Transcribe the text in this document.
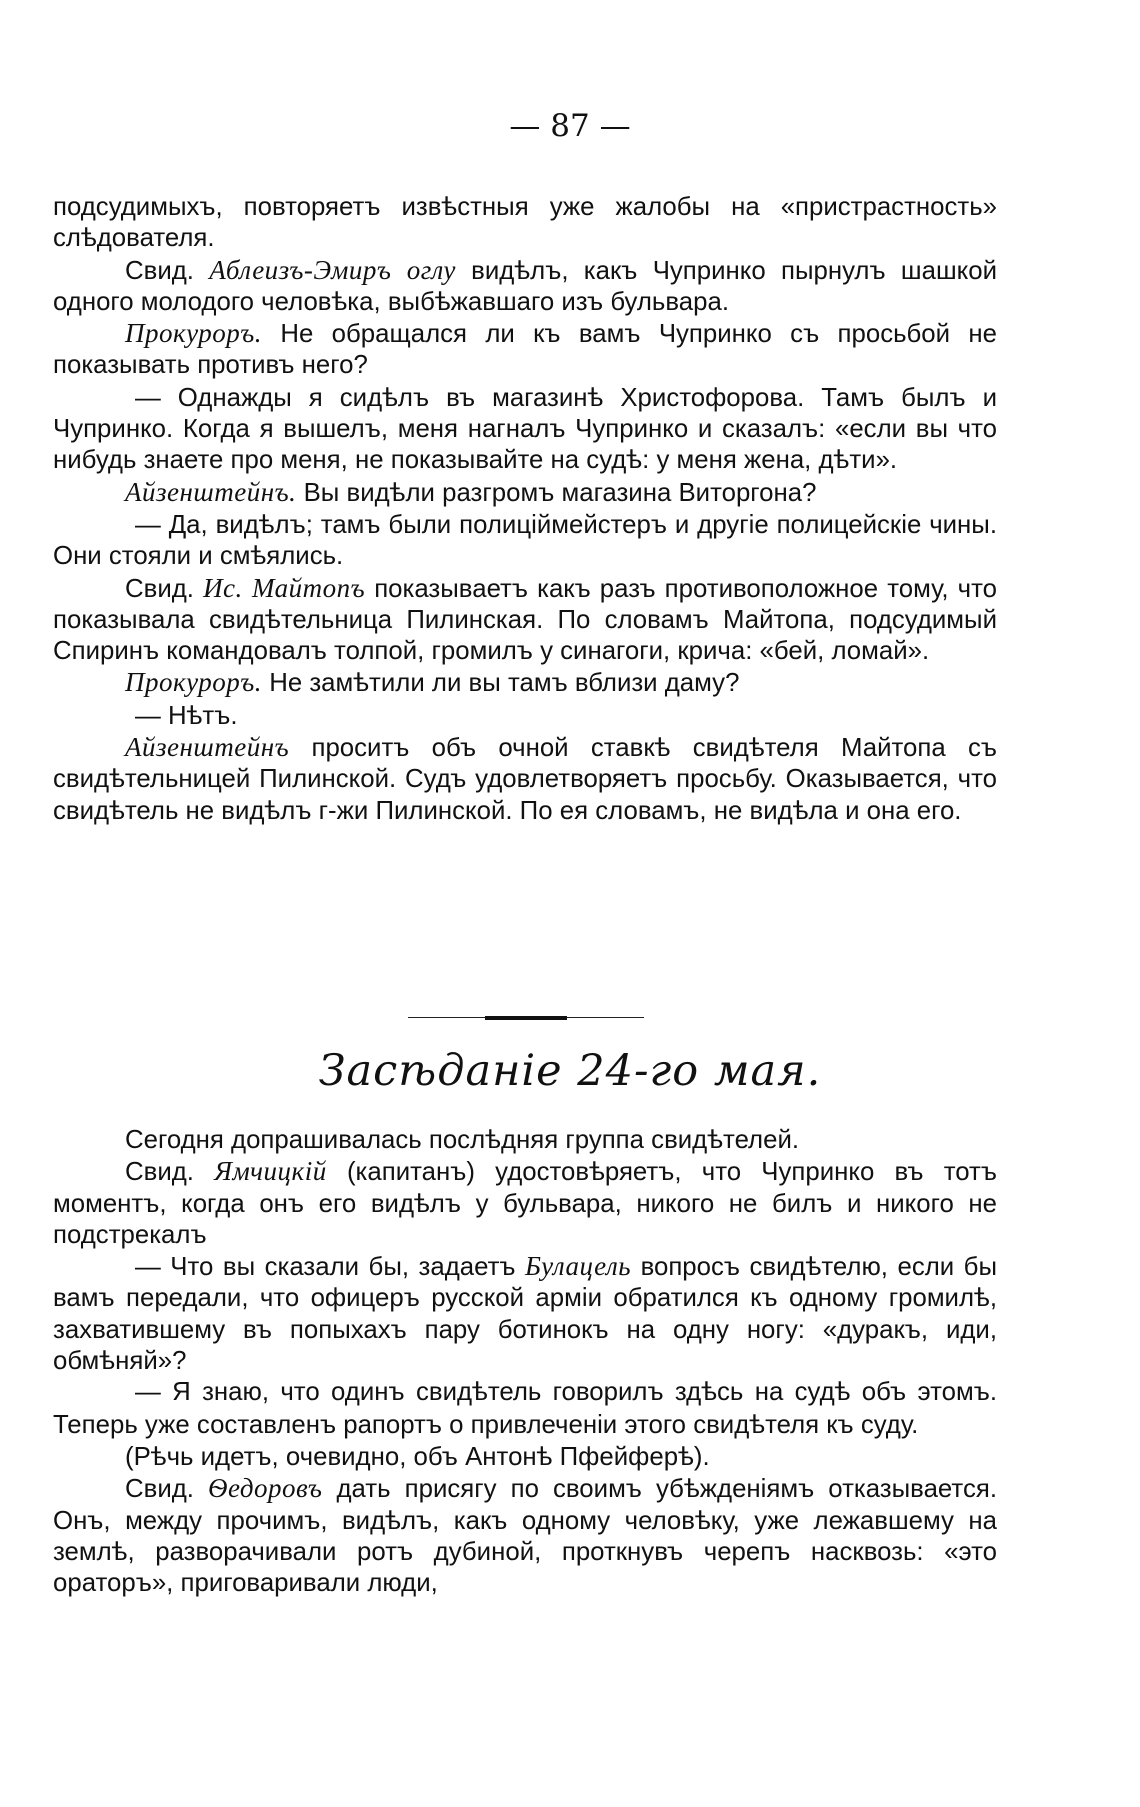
— 87 —

подсудимыхъ, повторяетъ извѣстныя уже жалобы на «пристрастность» слѣдователя.

Свид. Аблеизъ-Эмиръ оглу видѣлъ, какъ Чупринко пырнулъ шашкой одного молодого человѣка, выбѣжавшаго изъ бульвара.

Прокуроръ. Не обращался ли къ вамъ Чупринко съ просьбой не показывать противъ него?

— Однажды я сидѣлъ въ магазинѣ Христофорова. Тамъ былъ и Чупринко. Когда я вышелъ, меня нагналъ Чупринко и сказалъ: «если вы что нибудь знаете про меня, не показывайте на судѣ: у меня жена, дѣти».

Айзенштейнъ. Вы видѣли разгромъ магазина Виторгона?

— Да, видѣлъ; тамъ были полиціймейстеръ и другіе полицейскіе чины. Они стояли и смѣялись.

Свид. Ис. Майтопъ показываетъ какъ разъ противоположное тому, что показывала свидѣтельница Пилинская. По словамъ Майтопа, подсудимый Спиринъ командовалъ толпой, громилъ у синагоги, крича: «бей, ломай».

Прокуроръ. Не замѣтили ли вы тамъ вблизи даму?

— Нѣтъ.

Айзенштейнъ проситъ объ очной ставкѣ свидѣтеля Майтопа съ свидѣтельницей Пилинской. Судъ удовлетворяетъ просьбу. Оказывается, что свидѣтель не видѣлъ г-жи Пилинской. По ея словамъ, не видѣла и она его.

Засѣданіе 24-го мая.

Сегодня допрашивалась послѣдняя группа свидѣтелей.

Свид. Ямчицкій (капитанъ) удостовѣряетъ, что Чупринко въ тотъ моментъ, когда онъ его видѣлъ у бульвара, никого не билъ и никого не подстрекалъ

— Что вы сказали бы, задаетъ Булацель вопросъ свидѣтелю, если бы вамъ передали, что офицеръ русской арміи обратился къ одному громилѣ, захватившему въ попыхахъ пару ботинокъ на одну ногу: «дуракъ, иди, обмѣняй»?

— Я знаю, что одинъ свидѣтель говорилъ здѣсь на судѣ объ этомъ. Теперь уже составленъ рапортъ о привлеченіи этого свидѣтеля къ суду.

(Рѣчь идетъ, очевидно, объ Антонѣ Пфейферѣ).

Свид. Ѳедоровъ дать присягу по своимъ убѣжденіямъ отказывается. Онъ, между прочимъ, видѣлъ, какъ одному человѣку, уже лежавшему на землѣ, разворачивали ротъ дубиной, проткнувъ черепъ насквозь: «это ораторъ», приговаривали люди,
